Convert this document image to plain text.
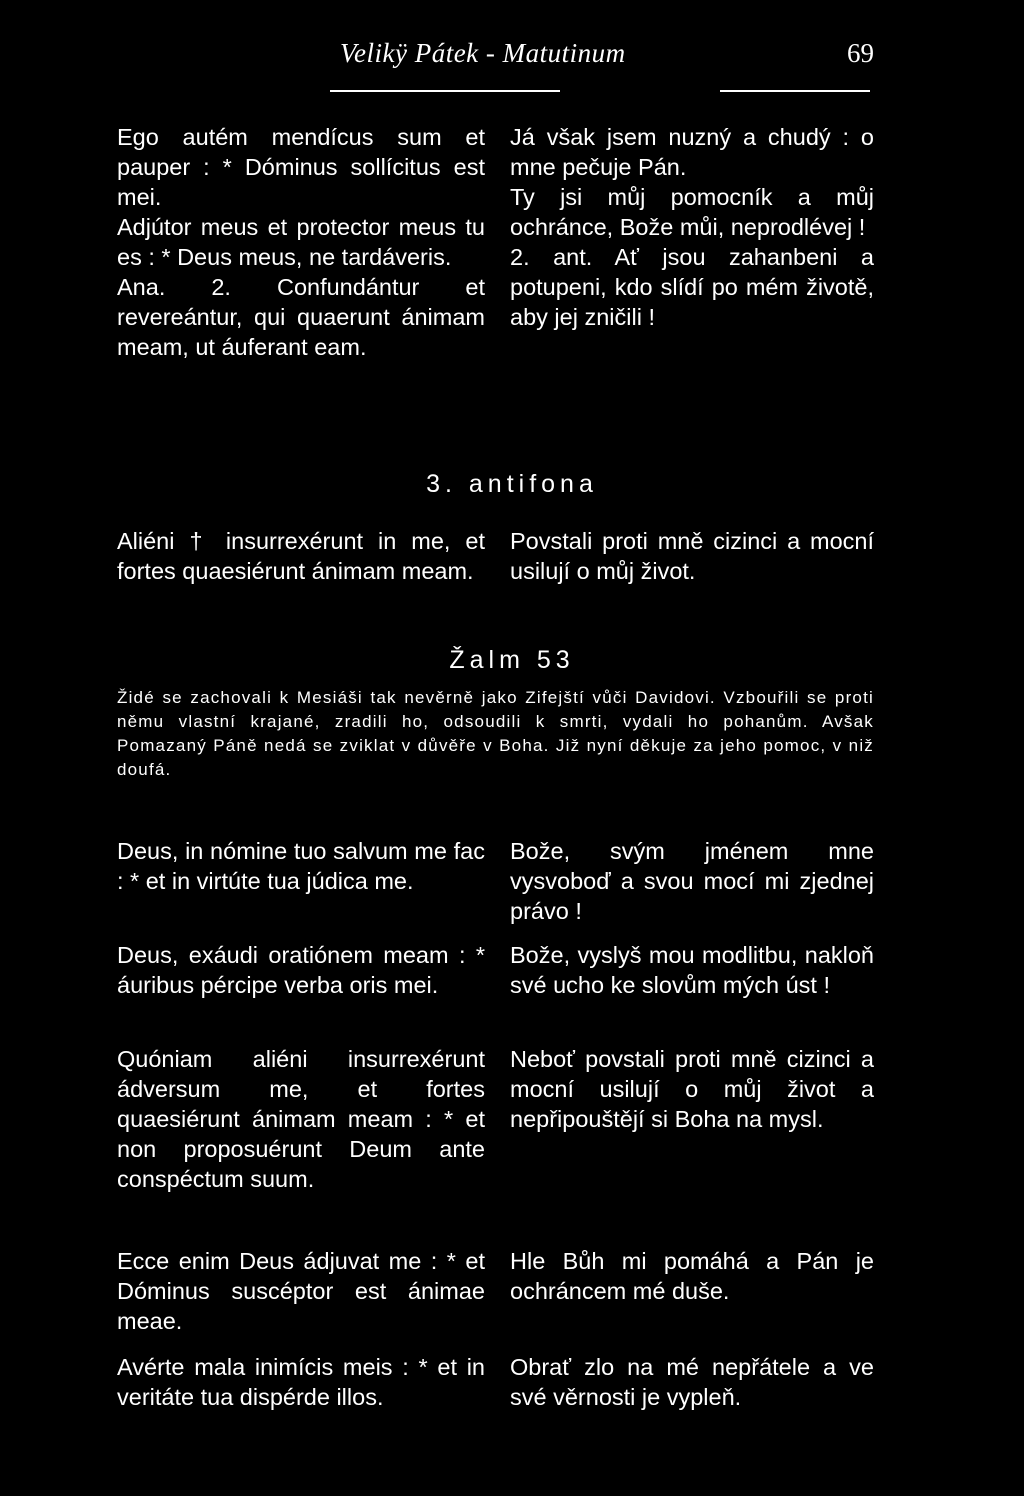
Velikÿ Pátek - Matutinum	69

Ego autém mendícus sum et pauper : * Dóminus sollícitus est mei.

Adjútor meus et protector meus tu es : * Deus meus, ne tardáveris.

Ana. 2. Confundántur et revereántur, qui quaerunt ánimam meam, ut áuferant eam.

Já však jsem nuzný a chudý : o mne pečuje Pán.

Ty jsi můj pomocník a můj ochránce, Bože můi, neprodlévej !

2. ant. Ať jsou zahanbeni a potupeni, kdo slídí po mém životě, aby jej zničili !

3. antifona

Aliéni † insurrexérunt in me, et fortes quaesiérunt ánimam meam.

Povstali proti mně cizinci a mocní usilují o můj život.

Žalm 53

Židé se zachovali k Mesiáši tak nevěrně jako Zifejští vůči Davidovi. Vzbouřili se proti němu vlastní krajané, zradili ho, odsoudili k smrti, vydali ho pohanům. Avšak Pomazaný Páně nedá se zviklat v důvěře v Boha. Již nyní děkuje za jeho pomoc, v niž doufá.

Deus, in nómine tuo salvum me fac : * et in virtúte tua júdica me.

Bože, svým jménem mne vysvoboď a svou mocí mi zjednej právo !

Deus, exáudi oratiónem meam : * áuribus pércipe verba oris mei.

Bože, vyslyš mou modlitbu, nakloň své ucho ke slovům mých úst !

Quóniam aliéni insurrexérunt ádversum me, et fortes quaesiérunt ánimam meam : * et non proposuérunt Deum ante conspéctum suum.

Neboť povstali proti mně cizinci a mocní usilují o můj život a nepřipouštějí si Boha na mysl.

Ecce enim Deus ádjuvat me : * et Dóminus suscéptor est ánimae meae.

Hle Bůh mi pomáhá a Pán je ochráncem mé duše.

Avérte mala inimícis meis : * et in veritáte tua dispérde illos.

Obrať zlo na mé nepřátele a ve své věrnosti je vypleň.
